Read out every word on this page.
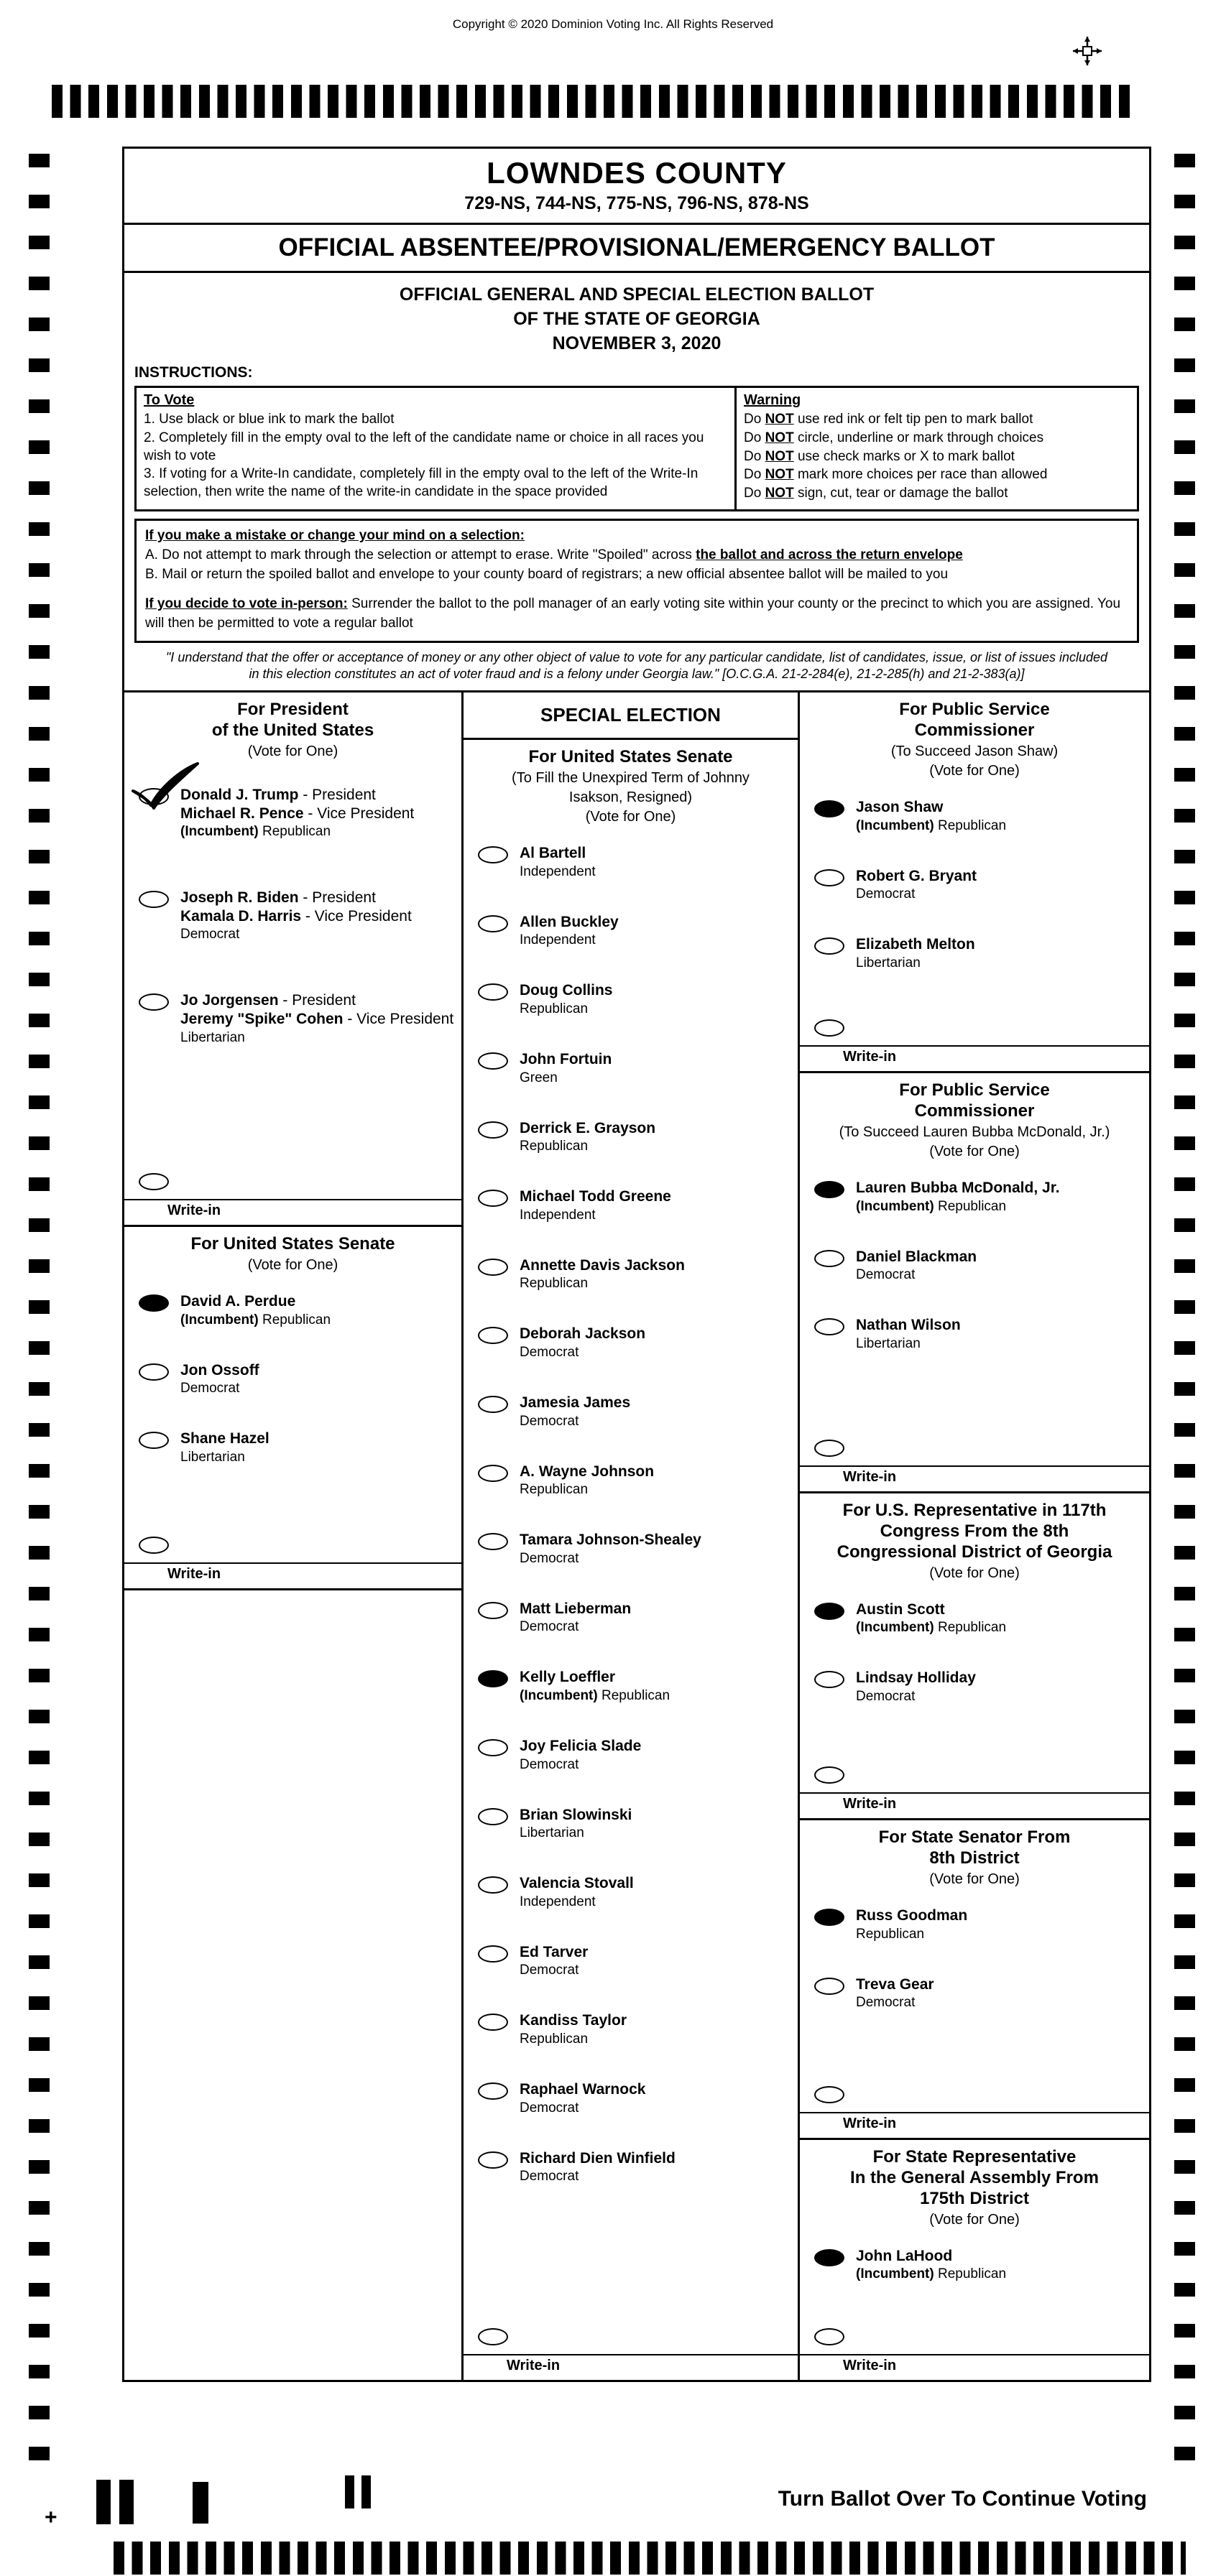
Copyright © 2020 Dominion Voting Inc. All Rights Reserved
LOWNDES COUNTY
729-NS, 744-NS, 775-NS, 796-NS, 878-NS
OFFICIAL ABSENTEE/PROVISIONAL/EMERGENCY BALLOT
OFFICIAL GENERAL AND SPECIAL ELECTION BALLOT
OF THE STATE OF GEORGIA
NOVEMBER 3, 2020
INSTRUCTIONS:
To Vote
1. Use black or blue ink to mark the ballot
2. Completely fill in the empty oval to the left of the candidate name or choice in all races you wish to vote
3. If voting for a Write-In candidate, completely fill in the empty oval to the left of the Write-In selection, then write the name of the write-in candidate in the space provided
Warning
Do NOT use red ink or felt tip pen to mark ballot
Do NOT circle, underline or mark through choices
Do NOT use check marks or X to mark ballot
Do NOT mark more choices per race than allowed
Do NOT sign, cut, tear or damage the ballot
If you make a mistake or change your mind on a selection:
A. Do not attempt to mark through the selection or attempt to erase. Write "Spoiled" across the ballot and across the return envelope
B. Mail or return the spoiled ballot and envelope to your county board of registrars; a new official absentee ballot will be mailed to you
If you decide to vote in-person: Surrender the ballot to the poll manager of an early voting site within your county or the precinct to which you are assigned. You will then be permitted to vote a regular ballot
"I understand that the offer or acceptance of money or any other object of value to vote for any particular candidate, list of candidates, issue, or list of issues included in this election constitutes an act of voter fraud and is a felony under Georgia law." [O.C.G.A. 21-2-284(e), 21-2-285(h) and 21-2-383(a)]
For President
of the United States
(Vote for One)
Donald J. Trump - President
Michael R. Pence - Vice President
(Incumbent) Republican
Joseph R. Biden - President
Kamala D. Harris - Vice President
Democrat
Jo Jorgensen - President
Jeremy "Spike" Cohen - Vice President
Libertarian
Write-in
For United States Senate
(Vote for One)
David A. Perdue
(Incumbent) Republican
Jon Ossoff
Democrat
Shane Hazel
Libertarian
Write-in
SPECIAL ELECTION
For United States Senate
(To Fill the Unexpired Term of Johnny
Isakson, Resigned)
(Vote for One)
Al Bartell
Independent
Allen Buckley
Independent
Doug Collins
Republican
John Fortuin
Green
Derrick E. Grayson
Republican
Michael Todd Greene
Independent
Annette Davis Jackson
Republican
Deborah Jackson
Democrat
Jamesia James
Democrat
A. Wayne Johnson
Republican
Tamara Johnson-Shealey
Democrat
Matt Lieberman
Democrat
Kelly Loeffler
(Incumbent) Republican
Joy Felicia Slade
Democrat
Brian Slowinski
Libertarian
Valencia Stovall
Independent
Ed Tarver
Democrat
Kandiss Taylor
Republican
Raphael Warnock
Democrat
Richard Dien Winfield
Democrat
Write-in
For Public Service
Commissioner
(To Succeed Jason Shaw)
(Vote for One)
Jason Shaw
(Incumbent) Republican
Robert G. Bryant
Democrat
Elizabeth Melton
Libertarian
Write-in
For Public Service
Commissioner
(To Succeed Lauren Bubba McDonald, Jr.)
(Vote for One)
Lauren Bubba McDonald, Jr.
(Incumbent) Republican
Daniel Blackman
Democrat
Nathan Wilson
Libertarian
Write-in
For U.S. Representative in 117th
Congress From the 8th
Congressional District of Georgia
(Vote for One)
Austin Scott
(Incumbent) Republican
Lindsay Holliday
Democrat
Write-in
For State Senator From
8th District
(Vote for One)
Russ Goodman
Republican
Treva Gear
Democrat
Write-in
For State Representative
In the General Assembly From
175th District
(Vote for One)
John LaHood
(Incumbent) Republican
Write-in
+
Turn Ballot Over To Continue Voting
